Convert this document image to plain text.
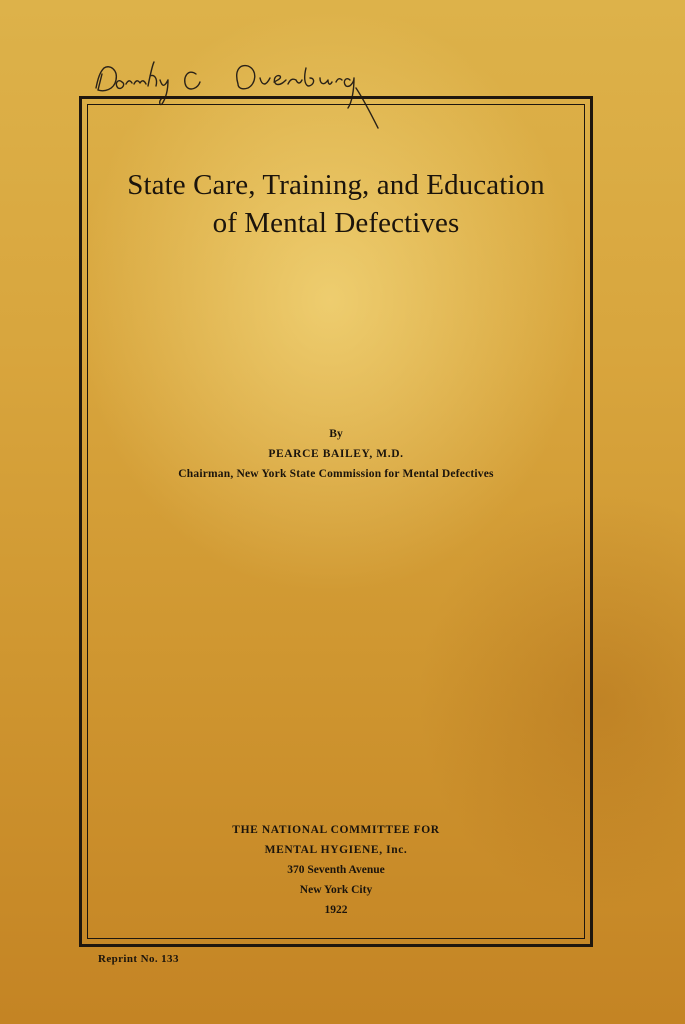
State Care, Training, and Education
of Mental Defectives
By
PEARCE BAILEY, M.D.
Chairman, New York State Commission for Mental Defectives
THE NATIONAL COMMITTEE FOR
MENTAL HYGIENE, Inc.
370 Seventh Avenue
New York City
1922
Reprint No. 133
